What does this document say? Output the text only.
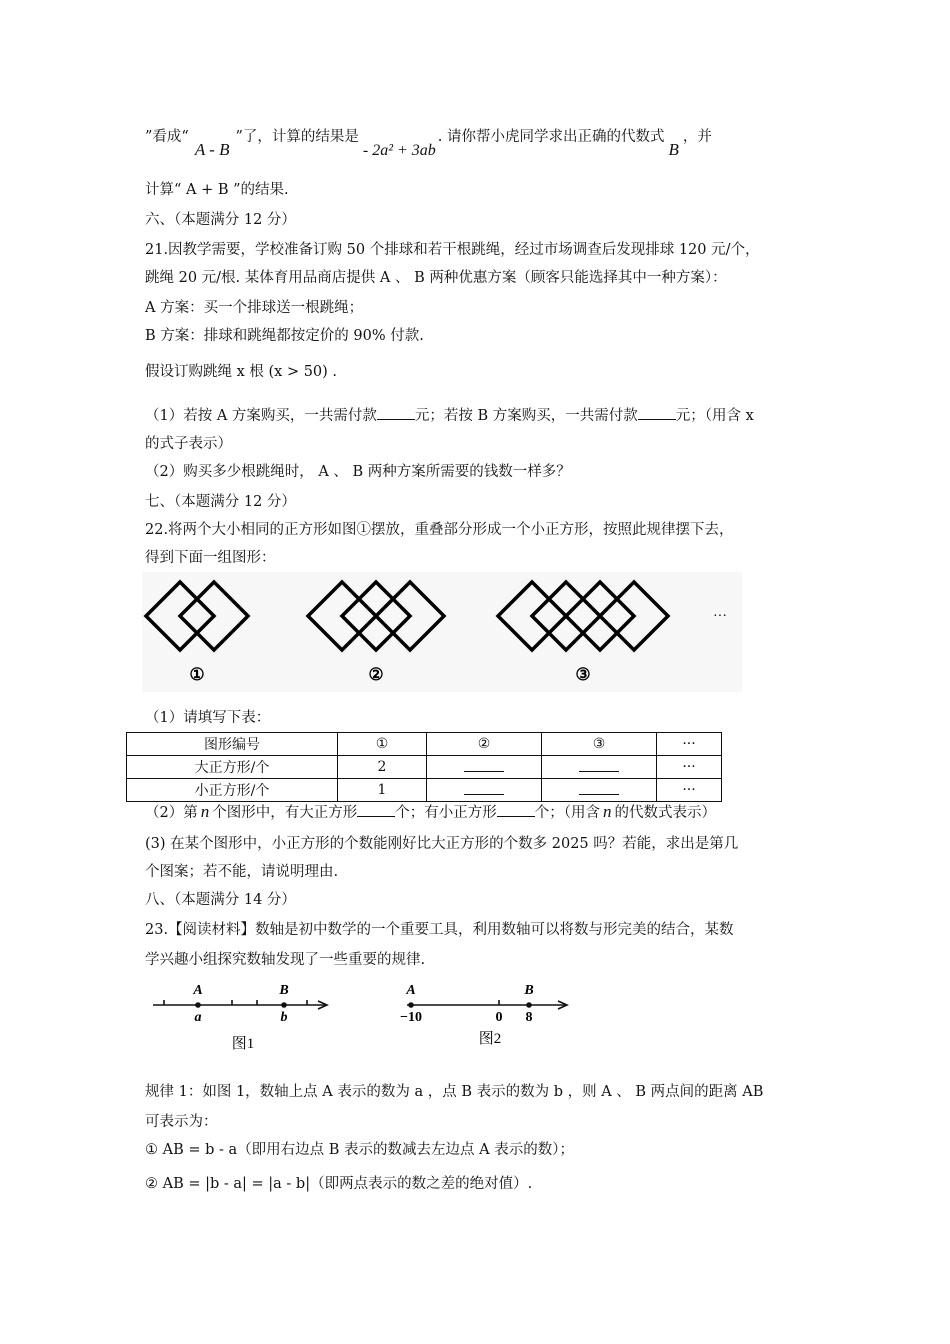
”看成“A - B”了，计算的结果是- 2a² + 3ab. 请你帮小虎同学求出正确的代数式B，并
计算“ A + B ”的结果.
六、（本题满分 12 分）
21.因教学需要，学校准备订购 50 个排球和若干根跳绳，经过市场调查后发现排球 120 元/个，
跳绳 20 元/根. 某体育用品商店提供 A 、 B 两种优惠方案（顾客只能选择其中一种方案）：
A 方案：买一个排球送一根跳绳；
B 方案：排球和跳绳都按定价的 90% 付款.
假设订购跳绳 x 根 (x > 50) .
（1）若按 A 方案购买，一共需付款	元；若按 B 方案购买，一共需付款	元；（用含 x
的式子表示）
（2）购买多少根跳绳时， A 、 B 两种方案所需要的钱数一样多？
七、（本题满分 12 分）
22.将两个大小相同的正方形如图①摆放，重叠部分形成一个小正方形，按照此规律摆下去，
得到下面一组图形：
①	②	③
···
（1）请填写下表：
图形编号	①	②	③	···
大正方形/个	2			···
小正方形/个	1			···
（2）第 n 个图形中，有大正方形	个；有小正方形	个；（用含 n 的代数式表示）
(3) 在某个图形中，小正方形的个数能刚好比大正方形的个数多 2025 吗？若能，求出是第几
个图案；若不能，请说明理由.
八、（本题满分 14 分）
23.【阅读材料】数轴是初中数学的一个重要工具，利用数轴可以将数与形完美的结合，某数
学兴趣小组探究数轴发现了一些重要的规律.
A	B
a	b
图1
A	B
−10	0 8
图2
规律 1：如图 1，数轴上点 A 表示的数为 a ，点 B 表示的数为 b ，则 A 、 B 两点间的距离 AB
可表示为：
① AB = b - a（即用右边点 B 表示的数减去左边点 A 表示的数）；
② AB = |b - a| = |a - b|（即两点表示的数之差的绝对值）.
